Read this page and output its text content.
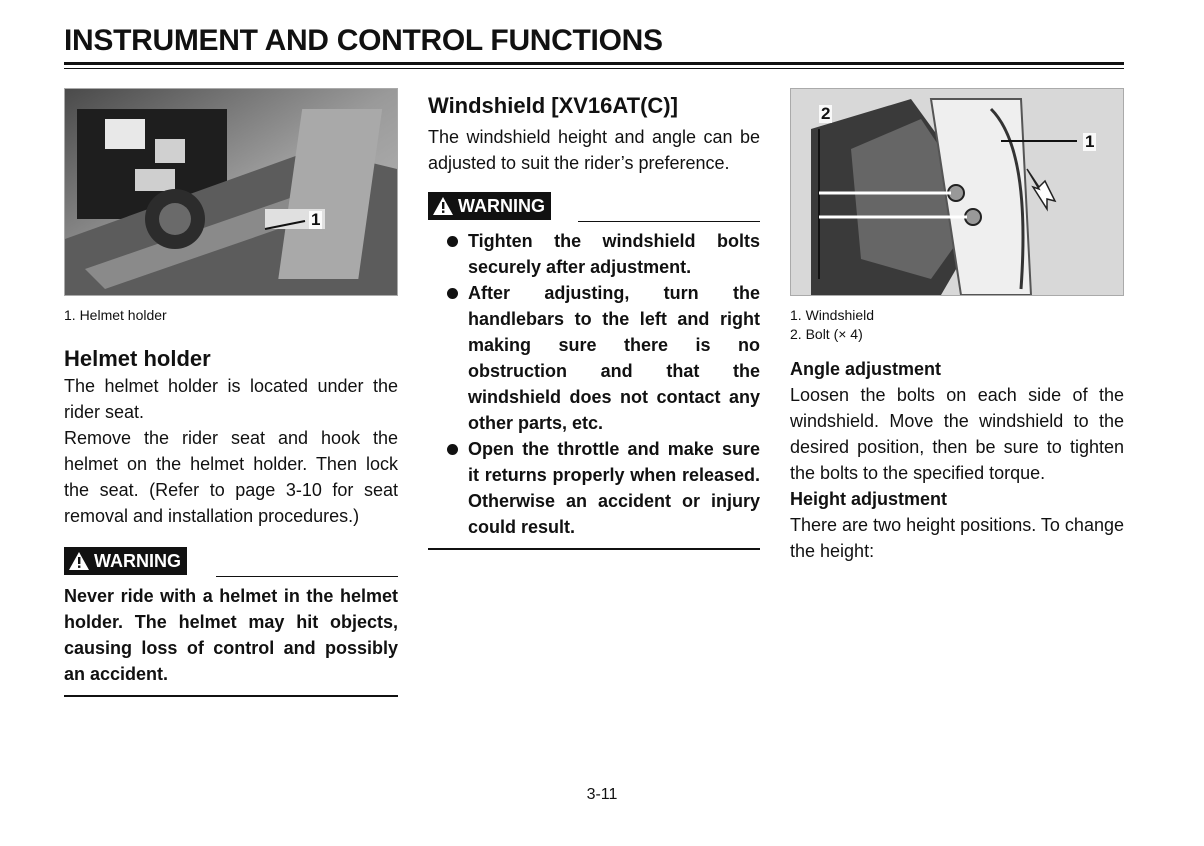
INSTRUMENT AND CONTROL FUNCTIONS
1

1. Helmet holder

Helmet holder

The helmet holder is located under the rider seat.

Remove the rider seat and hook the helmet on the helmet holder. Then lock the seat. (Refer to page 3-10 for seat removal and installation procedures.)

WARNING

Never ride with a helmet in the helmet holder. The helmet may hit objects, causing loss of control and possibly an accident.

Windshield [XV16AT(C)]

The windshield height and angle can be adjusted to suit the rider’s preference.

WARNING
Tighten the windshield bolts securely after adjustment.
After adjusting, turn the handlebars to the left and right making sure there is no obstruction and that the windshield does not contact any other parts, etc.
Open the throttle and make sure it returns properly when released. Otherwise an accident or injury could result.
2
1

1. Windshield

2. Bolt (× 4)

Angle adjustment

Loosen the bolts on each side of the windshield. Move the windshield to the desired position, then be sure to tighten the bolts to the specified torque.

Height adjustment

There are two height positions. To change the height:

3-11
